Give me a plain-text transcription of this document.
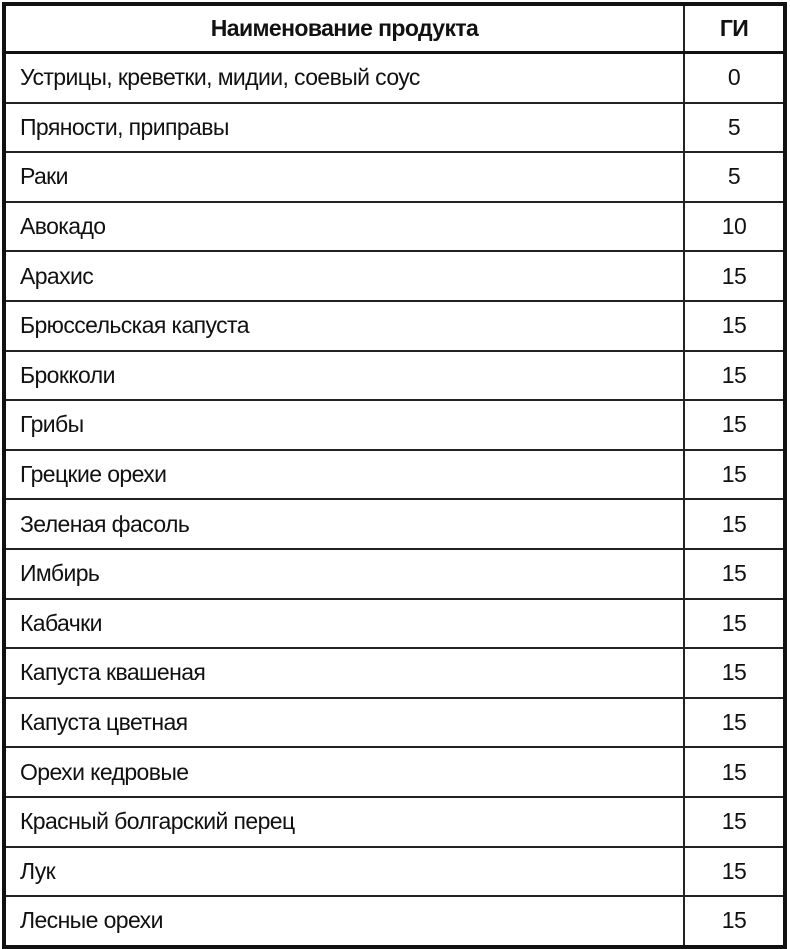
Наименование продукта	ГИ
Устрицы, креветки, мидии, соевый соус	0
Пряности, приправы	5
Раки	5
Авокадо	10
Арахис	15
Брюссельская капуста	15
Брокколи	15
Грибы	15
Грецкие орехи	15
Зеленая фасоль	15
Имбирь	15
Кабачки	15
Капуста квашеная	15
Капуста цветная	15
Орехи кедровые	15
Красный болгарский перец	15
Лук	15
Лесные орехи	15
